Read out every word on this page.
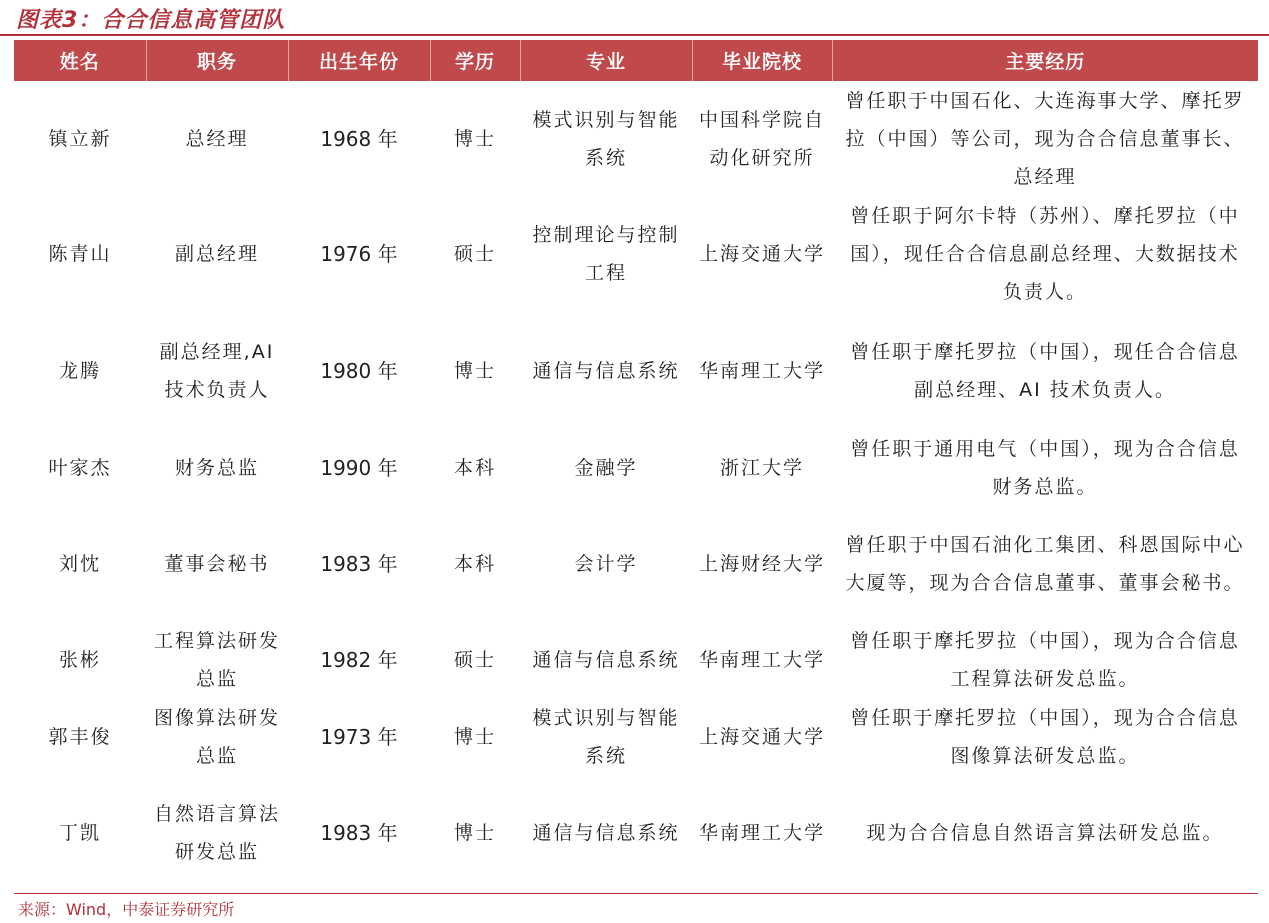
图表3：合合信息高管团队
姓名	职务	出生年份	学历	专业	毕业院校	主要经历
镇立新	总经理	1968 年	博士	模式识别与智能系统	中国科学院自动化研究所	曾任职于中国石化、大连海事大学、摩托罗拉（中国）等公司，现为合合信息董事长、总经理
陈青山	副总经理	1976 年	硕士	控制理论与控制工程	上海交通大学	曾任职于阿尔卡特（苏州）、摩托罗拉（中国），现任合合信息副总经理、大数据技术负责人。
龙腾	副总经理,AI 技术负责人	1980 年	博士	通信与信息系统	华南理工大学	曾任职于摩托罗拉（中国），现任合合信息副总经理、AI 技术负责人。
叶家杰	财务总监	1990 年	本科	金融学	浙江大学	曾任职于通用电气（中国），现为合合信息财务总监。
刘忱	董事会秘书	1983 年	本科	会计学	上海财经大学	曾任职于中国石油化工集团、科恩国际中心大厦等，现为合合信息董事、董事会秘书。
张彬	工程算法研发总监	1982 年	硕士	通信与信息系统	华南理工大学	曾任职于摩托罗拉（中国），现为合合信息工程算法研发总监。
郭丰俊	图像算法研发总监	1973 年	博士	模式识别与智能系统	上海交通大学	曾任职于摩托罗拉（中国），现为合合信息图像算法研发总监。
丁凯	自然语言算法研发总监	1983 年	博士	通信与信息系统	华南理工大学	现为合合信息自然语言算法研发总监。
来源：Wind，中泰证券研究所
